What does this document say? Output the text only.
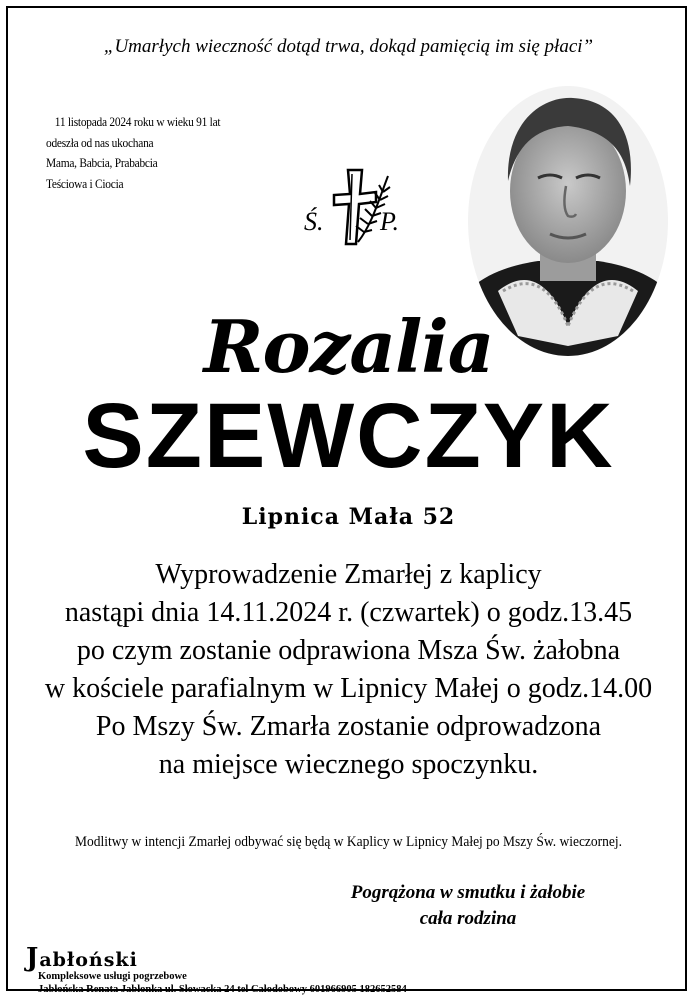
„Umarłych wieczność dotąd trwa, dokąd pamięcią im się płaci”
11 listopada 2024 roku w wieku 91 lat
odeszła od nas ukochana
Mama, Babcia, Prababcia
Teściowa i Ciocia
Ś. P.
Rozalia
SZEWCZYK
Lipnica Mała 52
Wyprowadzenie Zmarłej z kaplicy
nastąpi dnia 14.11.2024 r. (czwartek) o godz.13.45
po czym zostanie odprawiona Msza Św. żałobna
w kościele parafialnym w Lipnicy Małej o godz.14.00
Po Mszy Św. Zmarła zostanie odprowadzona
na miejsce wiecznego spoczynku.
Modlitwy w intencji Zmarłej odbywać się będą w Kaplicy w Lipnicy Małej po Mszy Św. wieczornej.
Pogrążona w smutku i żałobie
cała rodzina
Jabłoński
Kompleksowe usługi pogrzebowe
Jabłońska Renata Jabłonka ul. Słowacka 24 tel Całodobowy 601966905 182652584
